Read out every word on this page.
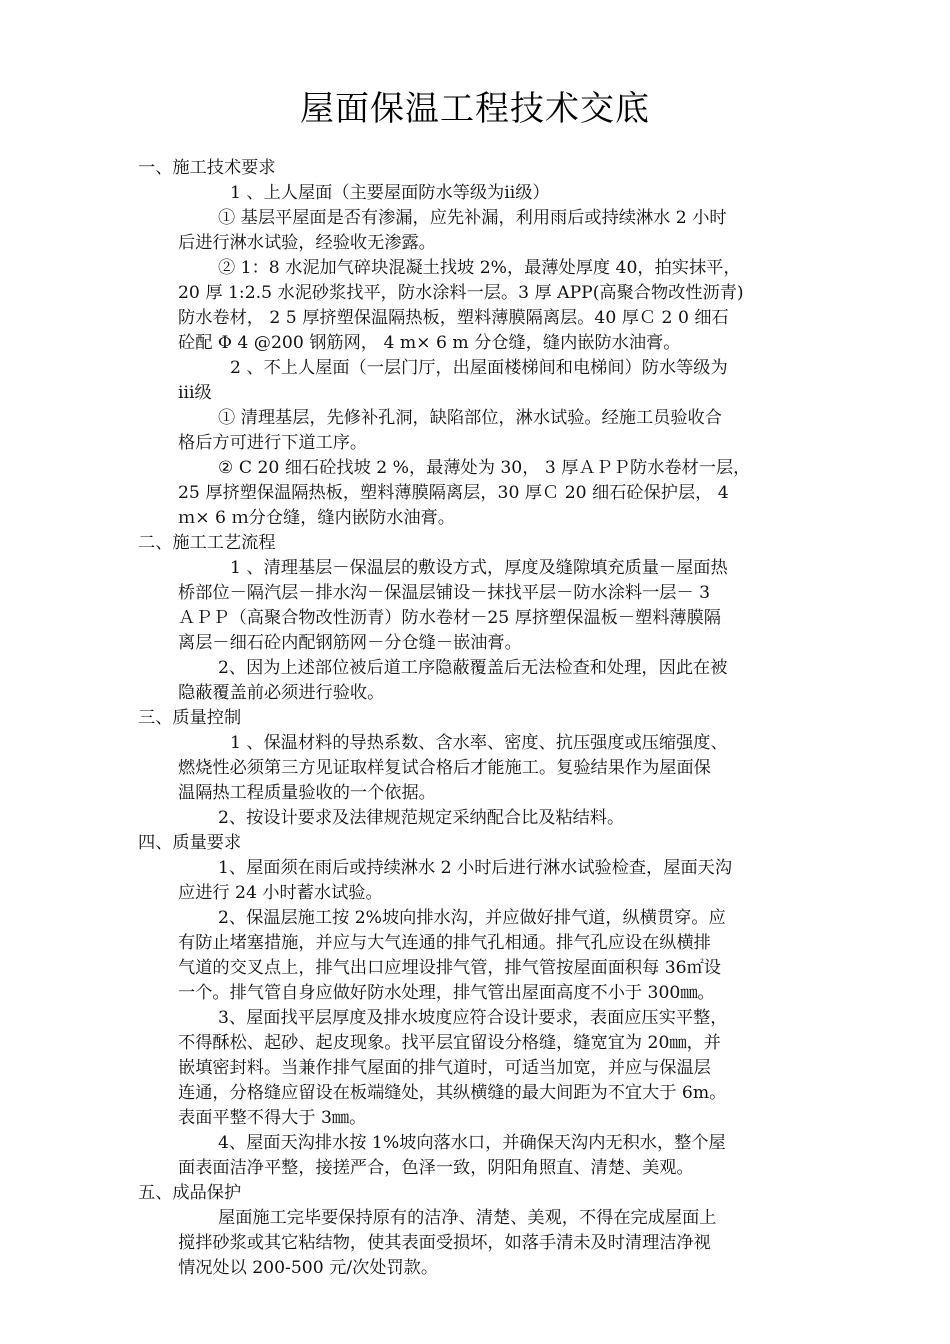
屋面保温工程技术交底
一、施工技术要求
1 、上人屋面（主要屋面防水等级为ⅱ级）
① 基层平屋面是否有渗漏，应先补漏，利用雨后或持续淋水 2 小时
后进行淋水试验，经验收无渗露。
② 1：8 水泥加气碎块混凝土找坡 2%，最薄处厚度 40，拍实抹平，
20 厚 1:2.5 水泥砂浆找平，防水涂料一层。3 厚 APP(高聚合物改性沥青)
防水卷材， 2 5 厚挤塑保温隔热板，塑料薄膜隔离层。40 厚Ｃ 2 0 细石
砼配 Φ 4 @200 钢筋网， 4 m× 6 m 分仓缝，缝内嵌防水油膏。
2 、不上人屋面（一层门厅，出屋面楼梯间和电梯间）防水等级为
ⅲ级
① 清理基层，先修补孔洞，缺陷部位，淋水试验。经施工员验收合
格后方可进行下道工序。
② C 20 细石砼找坡 2 %，最薄处为 30， 3 厚ＡＰＰ防水卷材一层，
25 厚挤塑保温隔热板，塑料薄膜隔离层，30 厚Ｃ 20 细石砼保护层， 4
ｍ× 6 ｍ分仓缝，缝内嵌防水油膏。
二、施工工艺流程
1 、清理基层－保温层的敷设方式，厚度及缝隙填充质量－屋面热
桥部位－隔汽层－排水沟－保温层铺设－抹找平层－防水涂料一层－ 3
ＡＰＰ（高聚合物改性沥青）防水卷材－25 厚挤塑保温板－塑料薄膜隔
离层－细石砼内配钢筋网－分仓缝－嵌油膏。
2、因为上述部位被后道工序隐蔽覆盖后无法检查和处理，因此在被
隐蔽覆盖前必须进行验收。
三、质量控制
1 、保温材料的导热系数、含水率、密度、抗压强度或压缩强度、
燃烧性必须第三方见证取样复试合格后才能施工。复验结果作为屋面保
温隔热工程质量验收的一个依据。
2、按设计要求及法律规范规定采纳配合比及粘结料。
四、质量要求
1、屋面须在雨后或持续淋水 2 小时后进行淋水试验检查，屋面天沟
应进行 24 小时蓄水试验。
2、保温层施工按 2%坡向排水沟，并应做好排气道，纵横贯穿。应
有防止堵塞措施，并应与大气连通的排气孔相通。排气孔应设在纵横排
气道的交叉点上，排气出口应埋设排气管，排气管按屋面面积每 36㎡设
一个。排气管自身应做好防水处理，排气管出屋面高度不小于 300㎜。
3、屋面找平层厚度及排水坡度应符合设计要求，表面应压实平整，
不得酥松、起砂、起皮现象。找平层宜留设分格缝，缝宽宜为 20㎜，并
嵌填密封料。当兼作排气屋面的排气道时，可适当加宽，并应与保温层
连通，分格缝应留设在板端缝处，其纵横缝的最大间距为不宜大于 6m。
表面平整不得大于 3㎜。
4、屋面天沟排水按 1%坡向落水口，并确保天沟内无积水，整个屋
面表面洁净平整，接搓严合，色泽一致，阴阳角照直、清楚、美观。
五、成品保护
屋面施工完毕要保持原有的洁净、清楚、美观，不得在完成屋面上
搅拌砂浆或其它粘结物，使其表面受损坏，如落手清未及时清理洁净视
情况处以 200-500 元/次处罚款。
